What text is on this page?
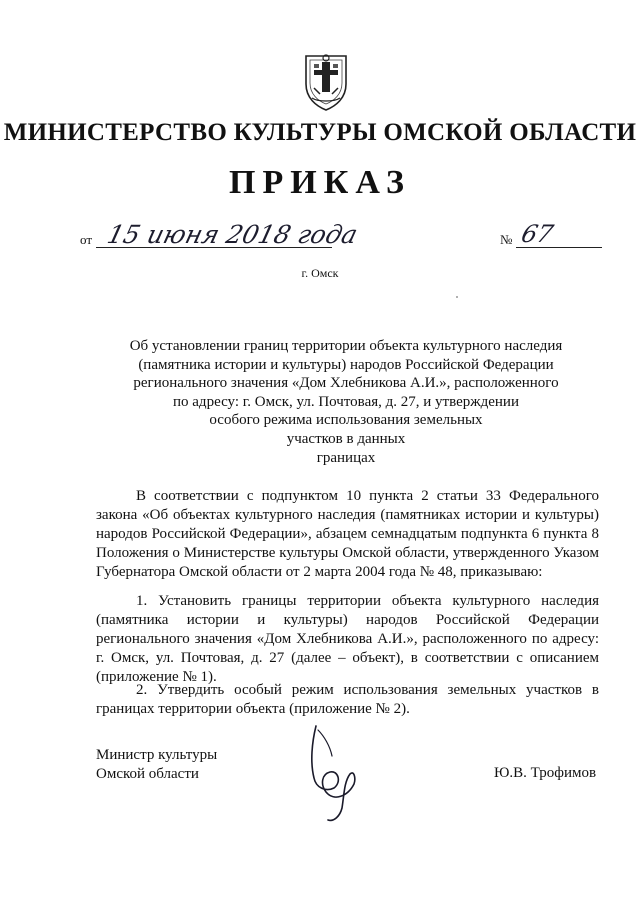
МИНИСТЕРСТВО КУЛЬТУРЫ ОМСКОЙ ОБЛАСТИ
ПРИКАЗ
от 15 июня 2018 года	№ 67
г. Омск
Об установлении границ территории объекта культурного наследия
(памятника истории и культуры) народов Российской Федерации
регионального значения «Дом Хлебникова А.И.», расположенного
по адресу: г. Омск, ул. Почтовая, д. 27, и утверждении
особого режима использования земельных
участков в данных
границах
В соответствии с подпунктом 10 пункта 2 статьи 33 Федерального закона «Об объектах культурного наследия (памятниках истории и культуры) народов Российской Федерации», абзацем семнадцатым подпункта 6 пункта 8 Положения о Министерстве культуры Омской области, утвержденного Указом Губернатора Омской области от 2 марта 2004 года № 48, приказываю:
1. Установить границы территории объекта культурного наследия (памятника истории и культуры) народов Российской Федерации регионального значения «Дом Хлебникова А.И.», расположенного по адресу: г. Омск, ул. Почтовая, д. 27 (далее – объект), в соответствии с описанием (приложение № 1).
2. Утвердить особый режим использования земельных участков в границах территории объекта (приложение № 2).
Министр культуры
Омской области	Ю.В. Трофимов
